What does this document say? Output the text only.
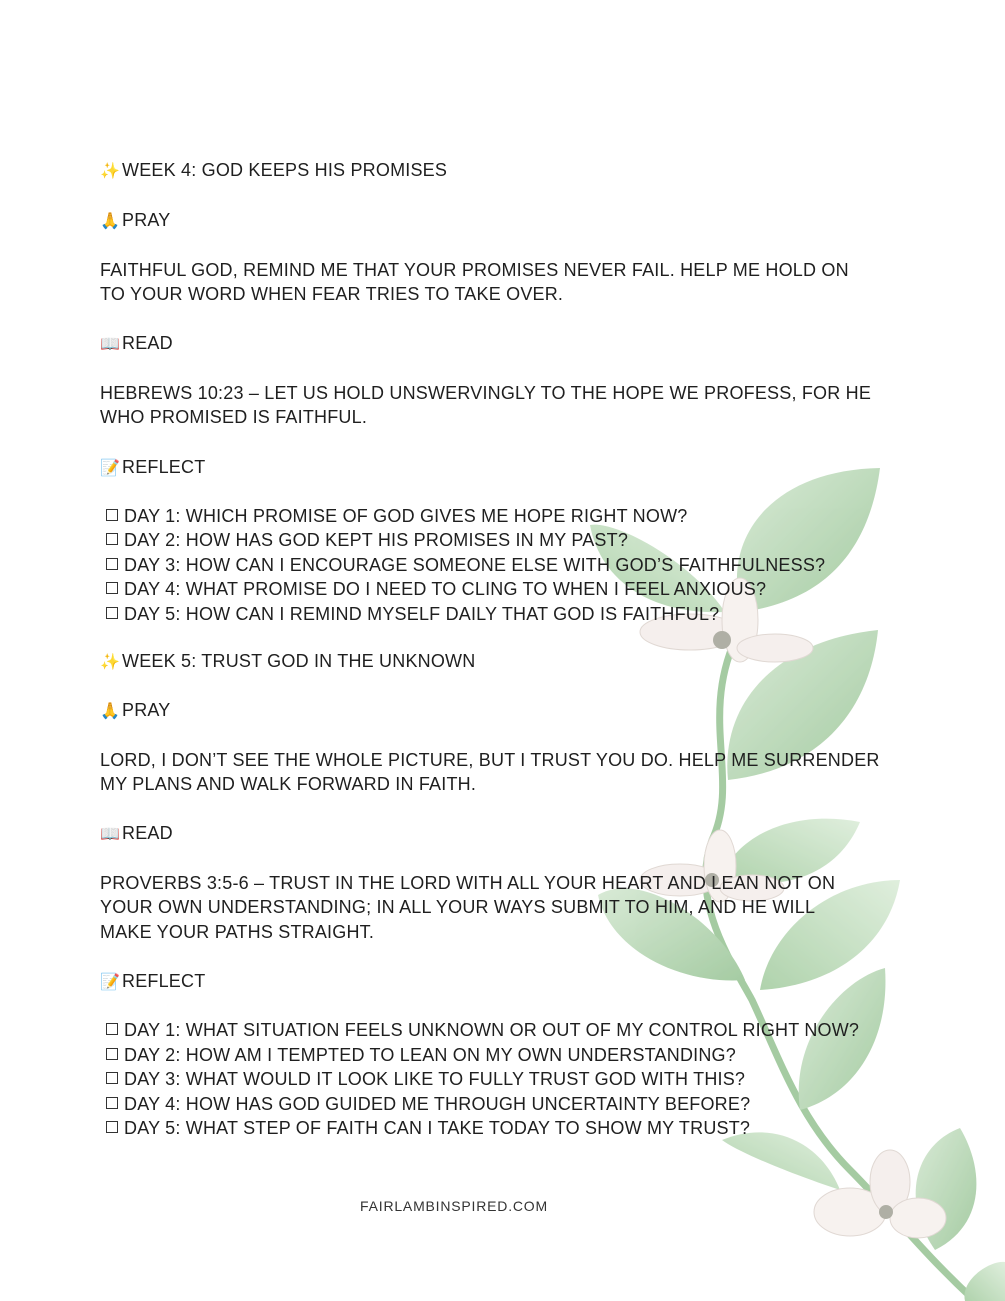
✨ WEEK 4: GOD KEEPS HIS PROMISES
🙏 PRAY
FAITHFUL GOD, REMIND ME THAT YOUR PROMISES NEVER FAIL. HELP ME HOLD ON
TO YOUR WORD WHEN FEAR TRIES TO TAKE OVER.
📖 READ
HEBREWS 10:23 – LET US HOLD UNSWERVINGLY TO THE HOPE WE PROFESS, FOR HE
WHO PROMISED IS FAITHFUL.
📝 REFLECT
DAY 1: WHICH PROMISE OF GOD GIVES ME HOPE RIGHT NOW?
DAY 2: HOW HAS GOD KEPT HIS PROMISES IN MY PAST?
DAY 3: HOW CAN I ENCOURAGE SOMEONE ELSE WITH GOD’S FAITHFULNESS?
DAY 4: WHAT PROMISE DO I NEED TO CLING TO WHEN I FEEL ANXIOUS?
DAY 5: HOW CAN I REMIND MYSELF DAILY THAT GOD IS FAITHFUL?
✨ WEEK 5: TRUST GOD IN THE UNKNOWN
🙏 PRAY
LORD, I DON’T SEE THE WHOLE PICTURE, BUT I TRUST YOU DO. HELP ME SURRENDER
MY PLANS AND WALK FORWARD IN FAITH.
📖 READ
PROVERBS 3:5-6 – TRUST IN THE LORD WITH ALL YOUR HEART AND LEAN NOT ON
YOUR OWN UNDERSTANDING; IN ALL YOUR WAYS SUBMIT TO HIM, AND HE WILL
MAKE YOUR PATHS STRAIGHT.
📝 REFLECT
DAY 1: WHAT SITUATION FEELS UNKNOWN OR OUT OF MY CONTROL RIGHT NOW?
DAY 2: HOW AM I TEMPTED TO LEAN ON MY OWN UNDERSTANDING?
DAY 3: WHAT WOULD IT LOOK LIKE TO FULLY TRUST GOD WITH THIS?
DAY 4: HOW HAS GOD GUIDED ME THROUGH UNCERTAINTY BEFORE?
DAY 5: WHAT STEP OF FAITH CAN I TAKE TODAY TO SHOW MY TRUST?
FAIRLAMBINSPIRED.COM
